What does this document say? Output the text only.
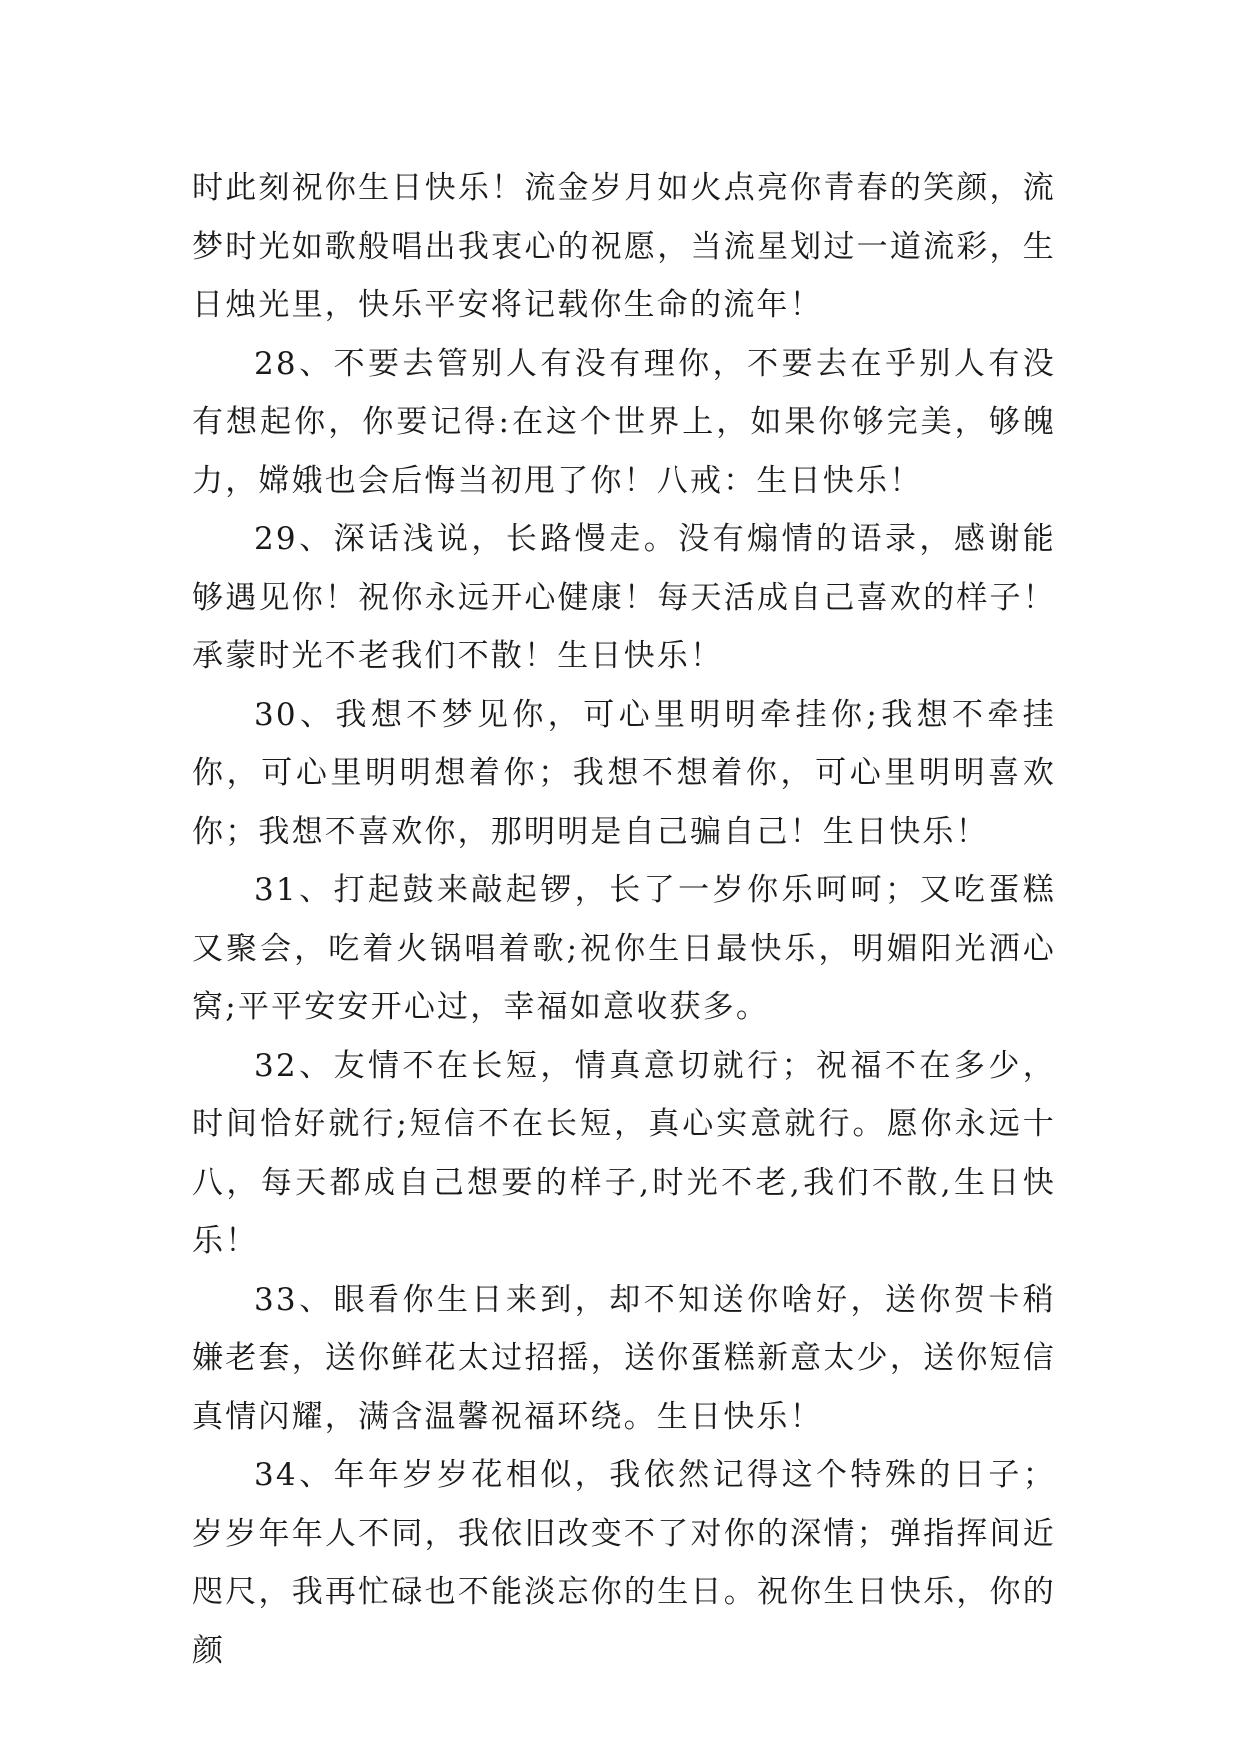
时此刻祝你生日快乐！流金岁月如火点亮你青春的笑颜，流梦时光如歌般唱出我衷心的祝愿，当流星划过一道流彩，生日烛光里，快乐平安将记载你生命的流年！

28、不要去管别人有没有理你，不要去在乎别人有没有想起你，你要记得:在这个世界上，如果你够完美，够魄力，嫦娥也会后悔当初甩了你！八戒：生日快乐！

29、深话浅说，长路慢走。没有煽情的语录，感谢能够遇见你！祝你永远开心健康！每天活成自己喜欢的样子！承蒙时光不老我们不散！生日快乐！

30、我想不梦见你，可心里明明牵挂你;我想不牵挂你，可心里明明想着你；我想不想着你，可心里明明喜欢你；我想不喜欢你，那明明是自己骗自己！生日快乐！

31、打起鼓来敲起锣，长了一岁你乐呵呵；又吃蛋糕又聚会，吃着火锅唱着歌;祝你生日最快乐，明媚阳光洒心窝;平平安安开心过，幸福如意收获多。

32、友情不在长短，情真意切就行；祝福不在多少，时间恰好就行;短信不在长短，真心实意就行。愿你永远十八，每天都成自己想要的样子,时光不老,我们不散,生日快乐！

33、眼看你生日来到，却不知送你啥好，送你贺卡稍嫌老套，送你鲜花太过招摇，送你蛋糕新意太少，送你短信真情闪耀，满含温馨祝福环绕。生日快乐！

34、年年岁岁花相似，我依然记得这个特殊的日子；岁岁年年人不同，我依旧改变不了对你的深情；弹指挥间近咫尺，我再忙碌也不能淡忘你的生日。祝你生日快乐，你的颜
